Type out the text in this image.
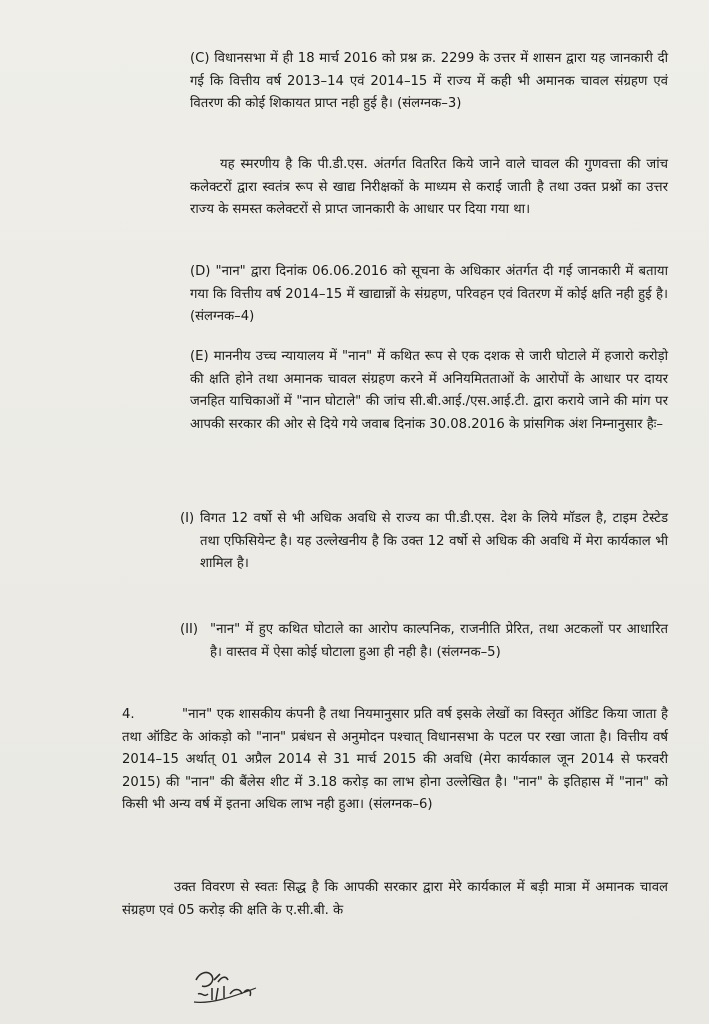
(C) विधानसभा में ही 18 मार्च 2016 को प्रश्न क्र. 2299 के उत्तर में शासन द्वारा यह जानकारी दी गई कि वित्तीय वर्ष 2013–14 एवं 2014–15 में राज्य में कही भी अमानक चावल संग्रहण एवं वितरण की कोई शिकायत प्राप्त नही हुई है। (संलग्नक–3)

यह स्मरणीय है कि पी.डी.एस. अंतर्गत वितरित किये जाने वाले चावल की गुणवत्ता की जांच कलेक्टरों द्वारा स्वतंत्र रूप से खाद्य निरीक्षकों के माध्यम से कराई जाती है तथा उक्त प्रश्नों का उत्तर राज्य के समस्त कलेक्टरों से प्राप्त जानकारी के आधार पर दिया गया था।

(D) "नान" द्वारा दिनांक 06.06.2016 को सूचना के अधिकार अंतर्गत दी गई जानकारी में बताया गया कि वित्तीय वर्ष 2014–15 में खाद्यान्नों के संग्रहण, परिवहन एवं वितरण में कोई क्षति नही हुई है। (संलग्नक–4)

(E) माननीय उच्च न्यायालय में "नान" में कथित रूप से एक दशक से जारी घोटाले में हजारो करोड़ो की क्षति होने तथा अमानक चावल संग्रहण करने में अनियमितताओं के आरोपों के आधार पर दायर जनहित याचिकाओं में "नान घोटाले" की जांच सी.बी.आई./एस.आई.टी. द्वारा कराये जाने की मांग पर आपकी सरकार की ओर से दिये गये जवाब दिनांक 30.08.2016 के प्रांसगिक अंश निम्नानुसार हैः–

(I) विगत 12 वर्षो से भी अधिक अवधि से राज्य का पी.डी.एस. देश के लिये मॉडल है, टाइम टेस्टेड तथा एफिसियेन्ट है। यह उल्लेखनीय है कि उक्त 12 वर्षो से अधिक की अवधि में मेरा कार्यकाल भी शामिल है।

(II) "नान" में हुए कथित घोटाले का आरोप काल्पनिक, राजनीति प्रेरित, तथा अटकलों पर आधारित है। वास्तव में ऐसा कोई घोटाला हुआ ही नही है। (संलग्नक–5)

4.	"नान" एक शासकीय कंपनी है तथा नियमानुसार प्रति वर्ष इसके लेखों का विस्तृत ऑडिट किया जाता है तथा ऑडिट के आंकड़ो को "नान" प्रबंधन से अनुमोदन पश्चात् विधानसभा के पटल पर रखा जाता है। वित्तीय वर्ष 2014–15 अर्थात् 01 अप्रैल 2014 से 31 मार्च 2015 की अवधि (मेरा कार्यकाल जून 2014 से फरवरी 2015) की "नान" की बैंलेस शीट में 3.18 करोड़ का लाभ होना उल्लेखित है। "नान" के इतिहास में "नान" को किसी भी अन्य वर्ष में इतना अधिक लाभ नही हुआ। (संलग्नक–6)

उक्त विवरण से स्वतः सिद्ध है कि आपकी सरकार द्वारा मेरे कार्यकाल में बड़ी मात्रा में अमानक चावल संग्रहण एवं 05 करोड़ की क्षति के ए.सी.बी. के
